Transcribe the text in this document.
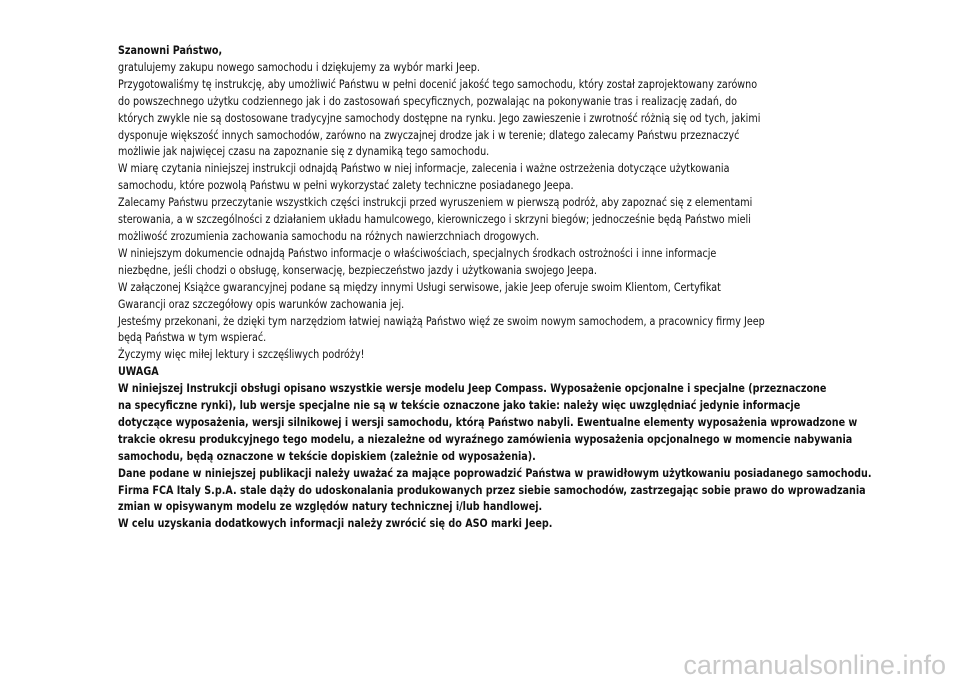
Szanowni Państwo,

gratulujemy zakupu nowego samochodu i dziękujemy za wybór marki Jeep.

Przygotowaliśmy tę instrukcję, aby umożliwić Państwu w pełni docenić jakość tego samochodu, który został zaprojektowany zarówno
do powszechnego użytku codziennego jak i do zastosowań specyficznych, pozwalając na pokonywanie tras i realizację zadań, do
których zwykle nie są dostosowane tradycyjne samochody dostępne na rynku. Jego zawieszenie i zwrotność różnią się od tych, jakimi
dysponuje większość innych samochodów, zarówno na zwyczajnej drodze jak i w terenie; dlatego zalecamy Państwu przeznaczyć
możliwie jak najwięcej czasu na zapoznanie się z dynamiką tego samochodu.

W miarę czytania niniejszej instrukcji odnajdą Państwo w niej informacje, zalecenia i ważne ostrzeżenia dotyczące użytkowania
samochodu, które pozwolą Państwu w pełni wykorzystać zalety techniczne posiadanego Jeepa.

Zalecamy Państwu przeczytanie wszystkich części instrukcji przed wyruszeniem w pierwszą podróż, aby zapoznać się z elementami
sterowania, a w szczególności z działaniem układu hamulcowego, kierowniczego i skrzyni biegów; jednocześnie będą Państwo mieli
możliwość zrozumienia zachowania samochodu na różnych nawierzchniach drogowych.

W niniejszym dokumencie odnajdą Państwo informacje o właściwościach, specjalnych środkach ostrożności i inne informacje
niezbędne, jeśli chodzi o obsługę, konserwację, bezpieczeństwo jazdy i użytkowania swojego Jeepa.

W załączonej Książce gwarancyjnej podane są między innymi Usługi serwisowe, jakie Jeep oferuje swoim Klientom, Certyfikat
Gwarancji oraz szczegółowy opis warunków zachowania jej.

Jesteśmy przekonani, że dzięki tym narzędziom łatwiej nawiążą Państwo więź ze swoim nowym samochodem, a pracownicy firmy Jeep
będą Państwa w tym wspierać.

Życzymy więc miłej lektury i szczęśliwych podróży!

UWAGA

W niniejszej Instrukcji obsługi opisano wszystkie wersje modelu Jeep Compass. Wyposażenie opcjonalne i specjalne (przeznaczone
na specyficzne rynki), lub wersje specjalne nie są w tekście oznaczone jako takie: należy więc uwzględniać jedynie informacje
dotyczące wyposażenia, wersji silnikowej i wersji samochodu, którą Państwo nabyli. Ewentualne elementy wyposażenia wprowadzone w
trakcie okresu produkcyjnego tego modelu, a niezależne od wyraźnego zamówienia wyposażenia opcjonalnego w momencie nabywania
samochodu, będą oznaczone w tekście dopiskiem (zależnie od wyposażenia).

Dane podane w niniejszej publikacji należy uważać za mające poprowadzić Państwa w prawidłowym użytkowaniu posiadanego samochodu.
Firma FCA Italy S.p.A. stale dąży do udoskonalania produkowanych przez siebie samochodów, zastrzegając sobie prawo do wprowadzania
zmian w opisywanym modelu ze względów natury technicznej i/lub handlowej.

W celu uzyskania dodatkowych informacji należy zwrócić się do ASO marki Jeep.

carmanualsonline.info
